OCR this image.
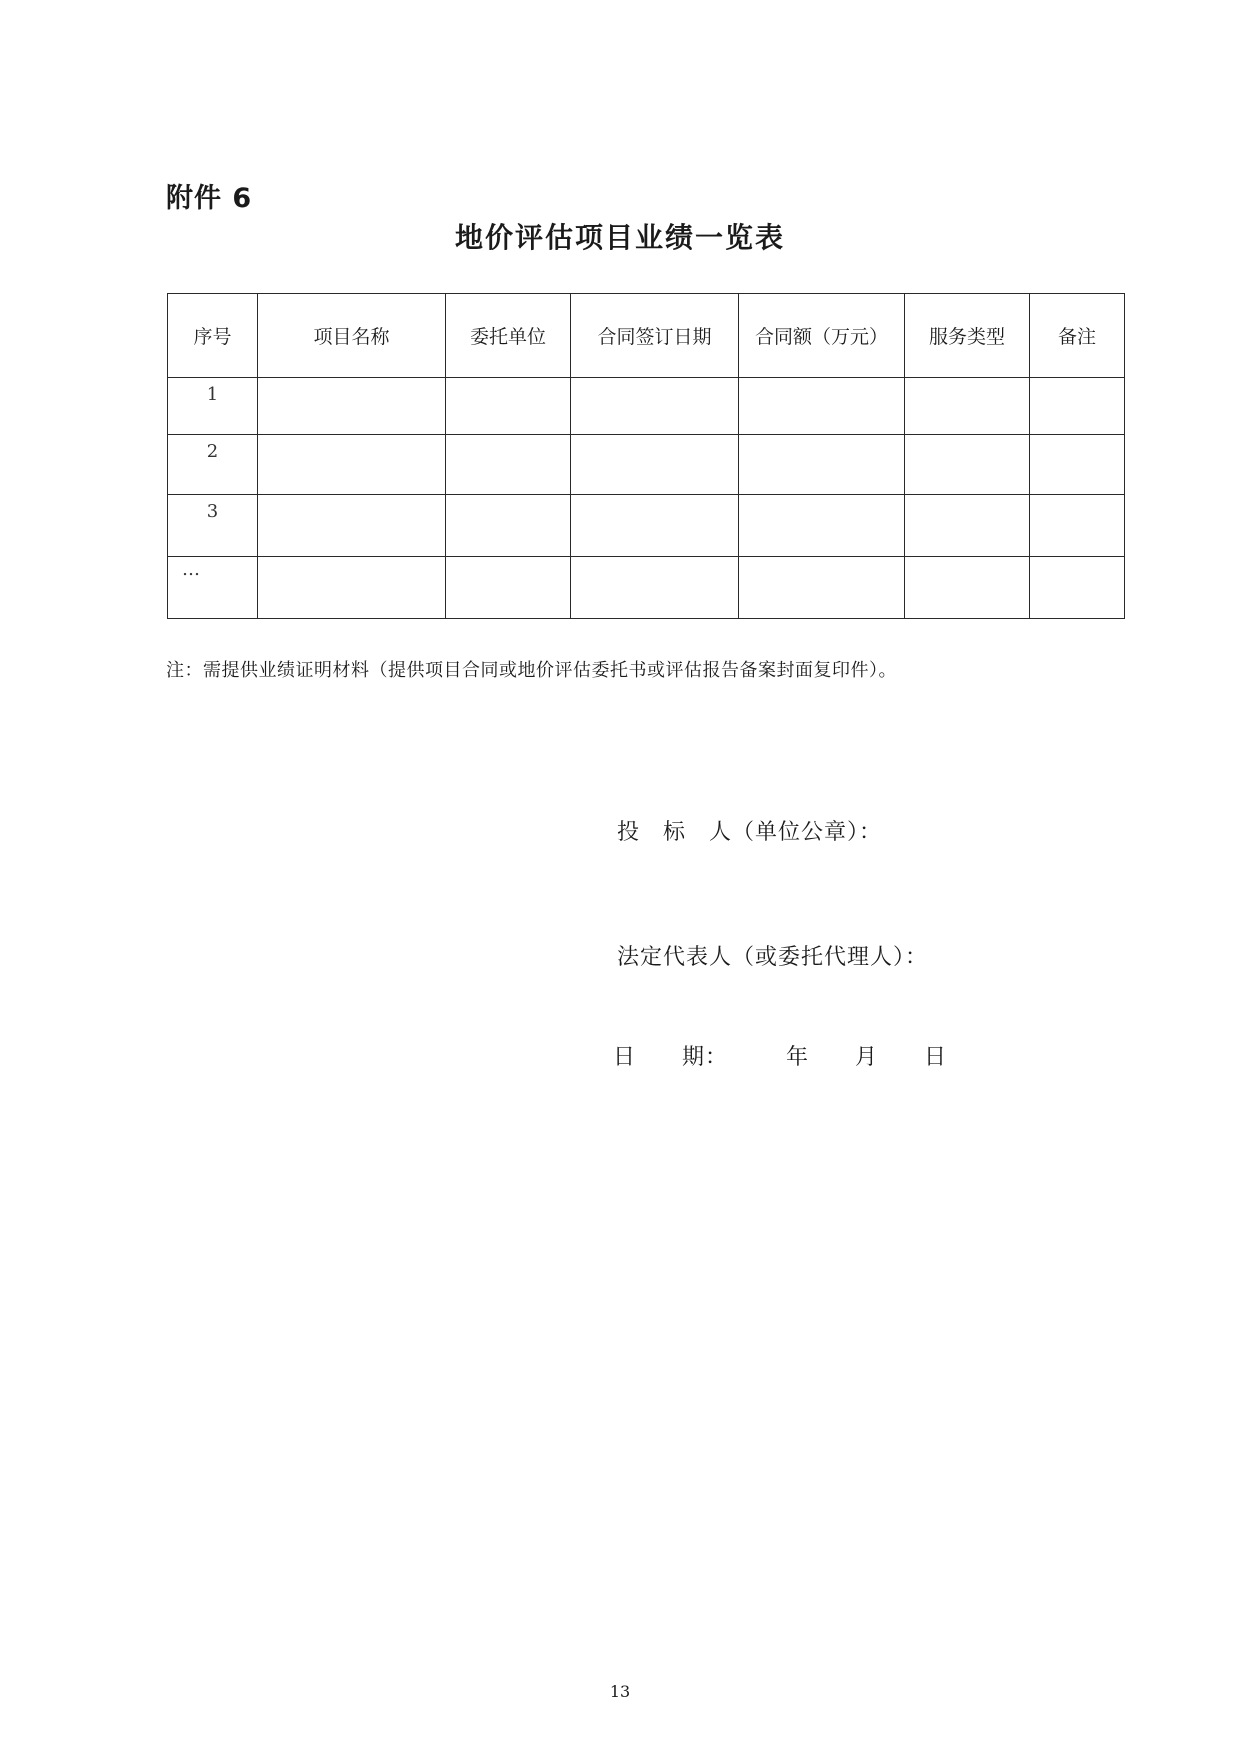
附件 6
地价评估项目业绩一览表
序号	项目名称	委托单位	合同签订日期	合同额（万元）	服务类型	备注
1						
2						
3						
…						
注：需提供业绩证明材料（提供项目合同或地价评估委托书或评估报告备案封面复印件）。
投　标　人（单位公章）：
法定代表人（或委托代理人）：
日　　期：　　　年　　月　　日
13
